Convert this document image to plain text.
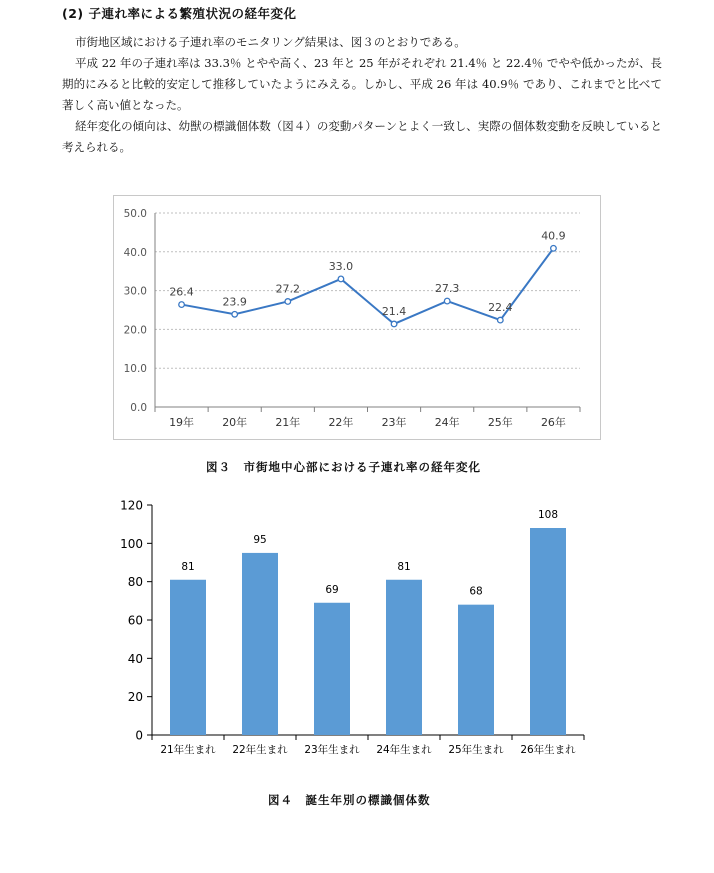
(2) 子連れ率による繁殖状況の経年変化
市街地区域における子連れ率のモニタリング結果は、図３のとおりである。
平成 22 年の子連れ率は 33.3％ とやや高く、23 年と 25 年がそれぞれ 21.4％ と 22.4％ でやや低かったが、長期的にみると比較的安定して推移していたようにみえる。しかし、平成 26 年は 40.9％ であり、これまでと比べて著しく高い値となった。
経年変化の傾向は、幼獣の標識個体数（図４）の変動パターンとよく一致し、実際の個体数変動を反映していると考えられる。
0.0
10.0
20.0
30.0
40.0
50.0
19年	20年	21年	22年	23年	24年	25年	26年
26.4
23.9
27.2
33.0
21.4
27.3
22.4
40.9
図３　市街地中心部における子連れ率の経年変化
0
20
40
60
80
100
120
81
21年生まれ
95
22年生まれ
69
23年生まれ
81
24年生まれ
68
25年生まれ
108
26年生まれ
図４　誕生年別の標識個体数
